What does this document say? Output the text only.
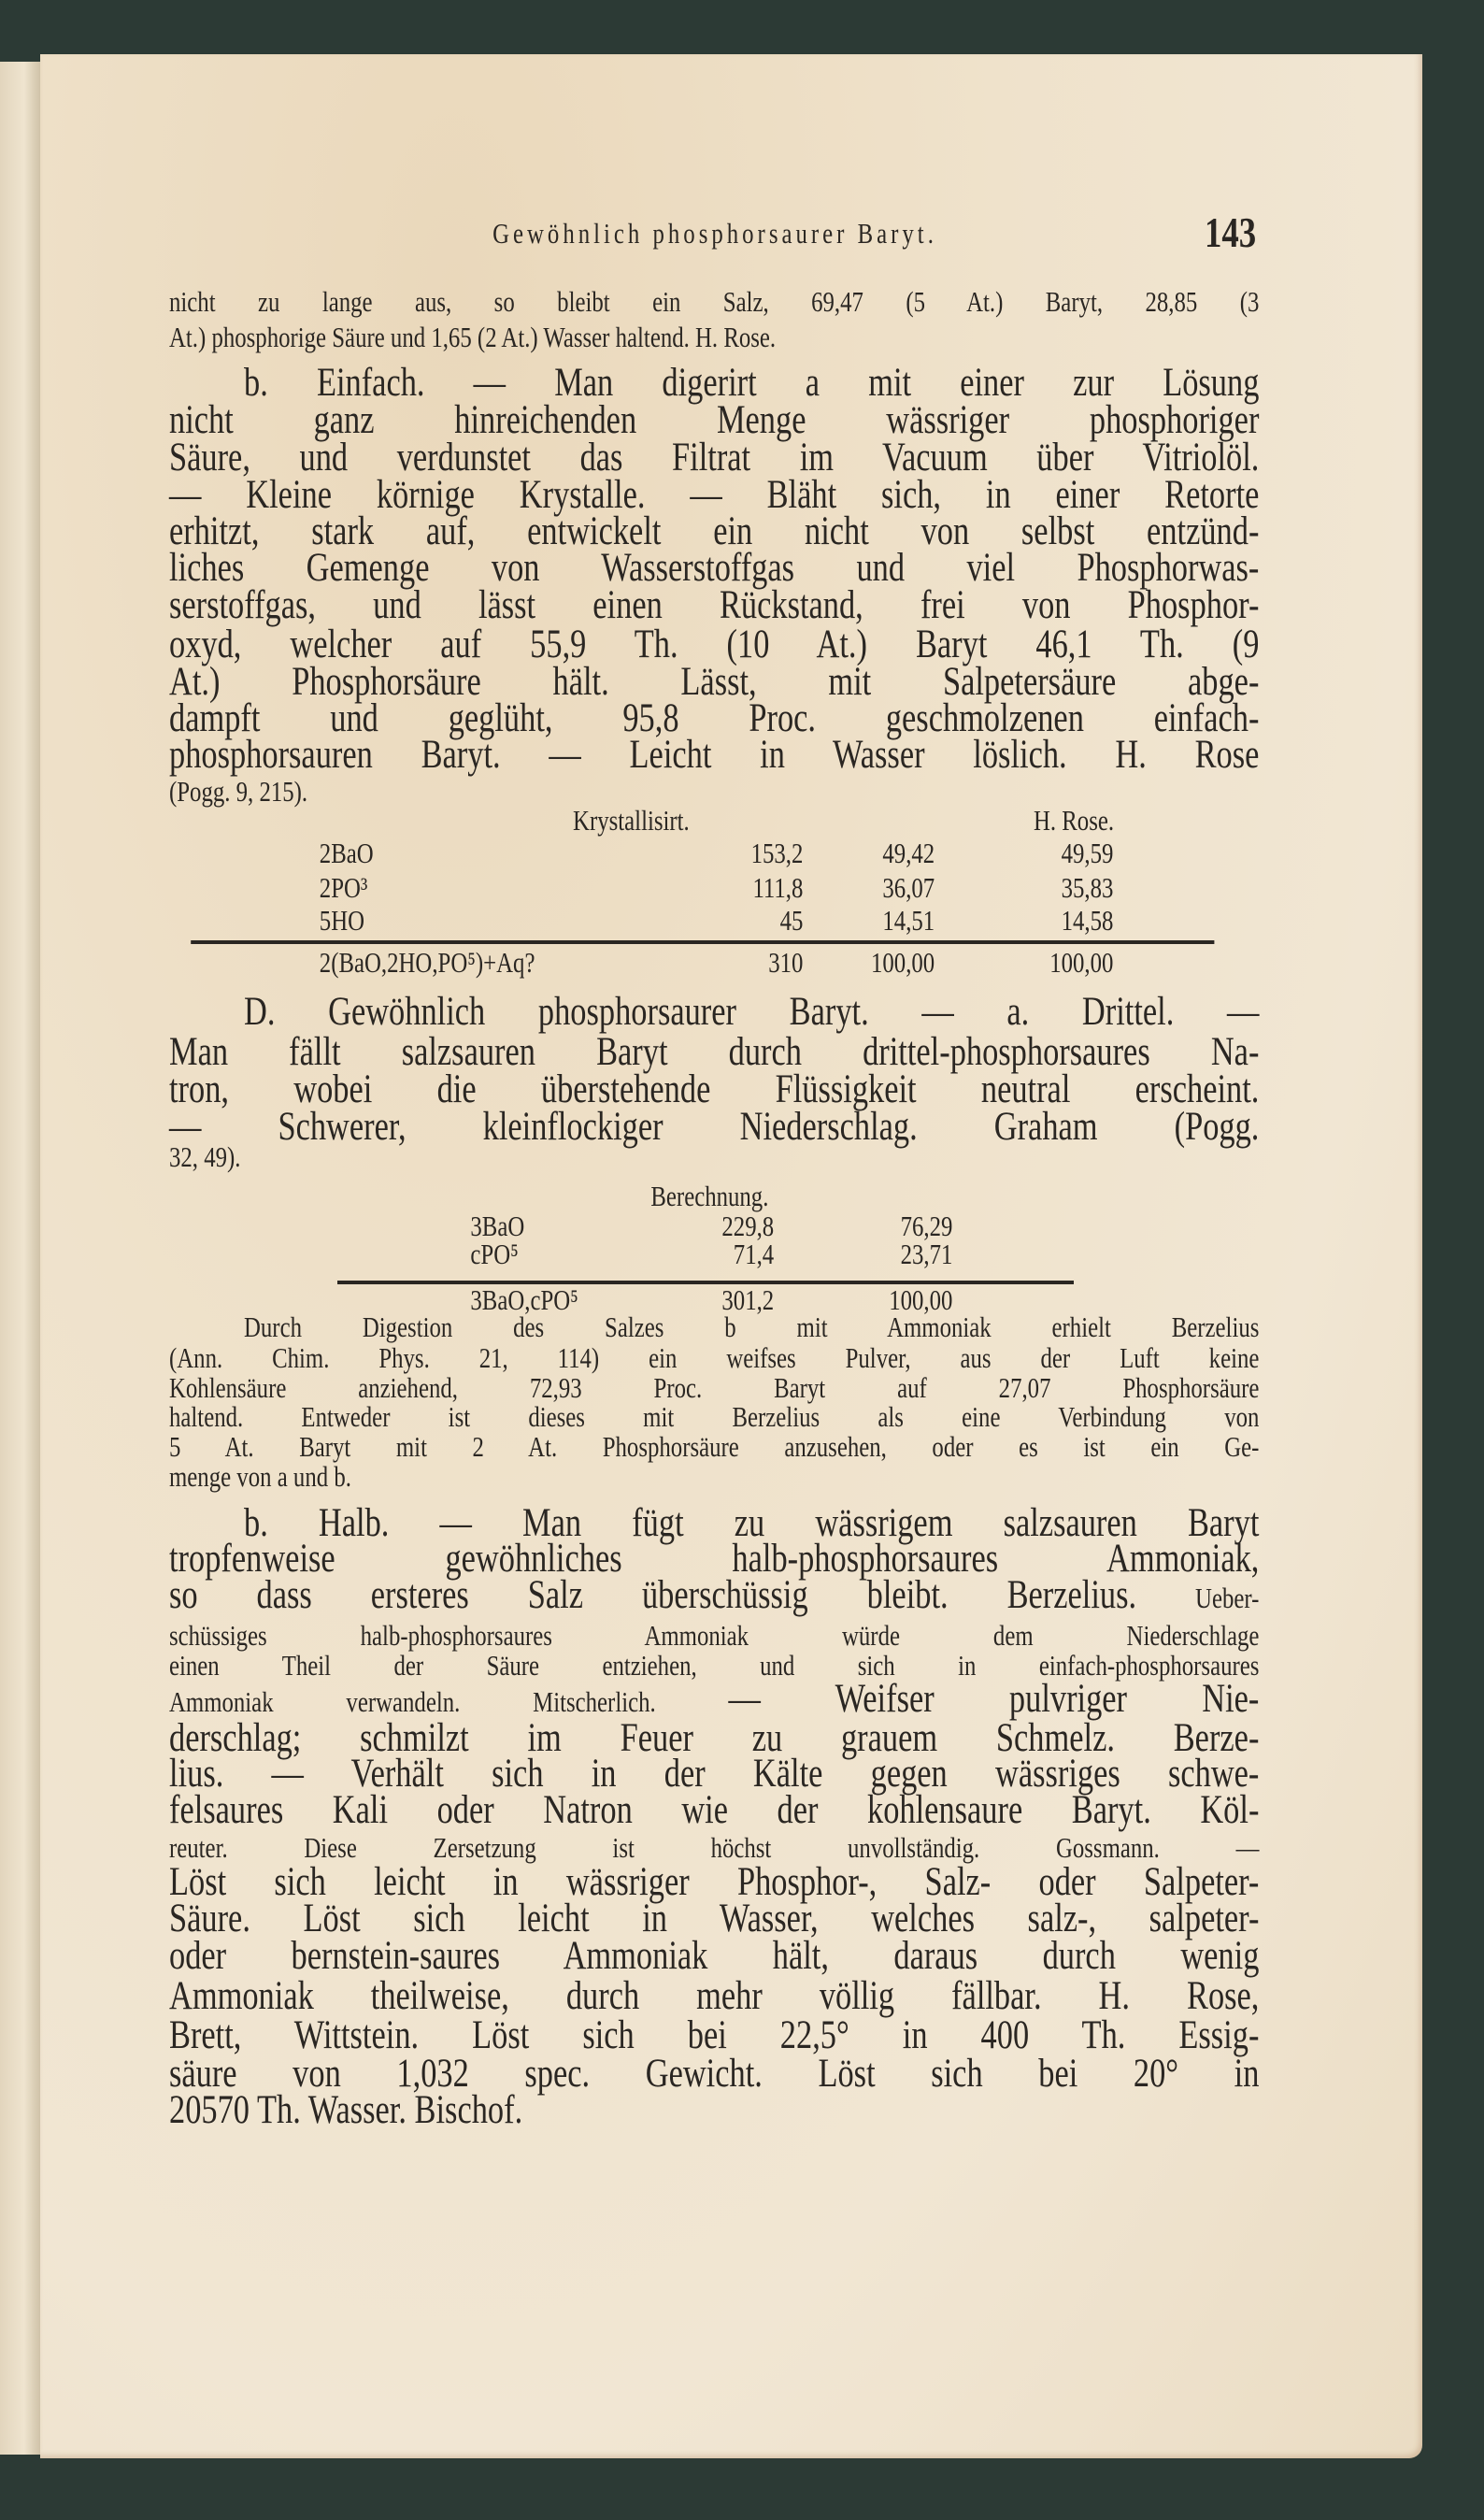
Gewöhnlich phosphorsaurer Baryt.	143
nicht zu lange aus, so bleibt ein Salz, 69,47 (5 At.) Baryt, 28,85 (3
At.) phosphorige Säure und 1,65 (2 At.) Wasser haltend. H. Rose.
b. Einfach. — Man digerirt a mit einer zur Lösung
nicht ganz hinreichenden Menge wässriger phosphoriger
Säure, und verdunstet das Filtrat im Vacuum über Vitriolöl.
— Kleine körnige Krystalle. — Bläht sich, in einer Retorte
erhitzt, stark auf, entwickelt ein nicht von selbst entzünd-
liches Gemenge von Wasserstoffgas und viel Phosphorwas-
serstoffgas, und lässt einen Rückstand, frei von Phosphor-
oxyd, welcher auf 55,9 Th. (10 At.) Baryt 46,1 Th. (9
At.) Phosphorsäure hält. Lässt, mit Salpetersäure abge-
dampft und geglüht, 95,8 Proc. geschmolzenen einfach-
phosphorsauren Baryt. — Leicht in Wasser löslich. H. Rose
(Pogg. 9, 215).
D. Gewöhnlich phosphorsaurer Baryt. — a. Drittel. —
Man fällt salzsauren Baryt durch drittel-phosphorsaures Na-
tron, wobei die überstehende Flüssigkeit neutral erscheint.
— Schwerer, kleinflockiger Niederschlag. Graham (Pogg.
32, 49).
Durch Digestion des Salzes b mit Ammoniak erhielt Berzelius
(Ann. Chim. Phys. 21, 114) ein weifses Pulver, aus der Luft keine
Kohlensäure anziehend, 72,93 Proc. Baryt auf 27,07 Phosphorsäure
haltend. Entweder ist dieses mit Berzelius als eine Verbindung von
5 At. Baryt mit 2 At. Phosphorsäure anzusehen, oder es ist ein Ge-
menge von a und b.
b. Halb. — Man fügt zu wässrigem salzsauren Baryt
tropfenweise gewöhnliches halb-phosphorsaures Ammoniak,
so dass ersteres Salz überschüssig bleibt. Berzelius. Ueber-
schüssiges halb-phosphorsaures Ammoniak würde dem Niederschlage
einen Theil der Säure entziehen, und sich in einfach-phosphorsaures
Ammoniak verwandeln. Mitscherlich. — Weifser pulvriger Nie-
derschlag; schmilzt im Feuer zu grauem Schmelz. Berze-
lius. — Verhält sich in der Kälte gegen wässriges schwe-
felsaures Kali oder Natron wie der kohlensaure Baryt. Köl-
reuter. Diese Zersetzung ist höchst unvollständig. Gossmann. —
Löst sich leicht in wässriger Phosphor-, Salz- oder Salpeter-
Säure. Löst sich leicht in Wasser, welches salz-, salpeter-
oder bernstein-saures Ammoniak hält, daraus durch wenig
Ammoniak theilweise, durch mehr völlig fällbar. H. Rose,
Brett, Wittstein. Löst sich bei 22,5° in 400 Th. Essig-
säure von 1,032 spec. Gewicht. Löst sich bei 20° in
20570 Th. Wasser. Bischof.
Krystallisirt.	H. Rose.
2BaO	153,2	49,42	49,59
2PO³	111,8	36,07	35,83
5HO	45	14,51	14,58
2(BaO,2HO,PO⁵)+Aq?	310 100,00	100,00
Berechnung.
3BaO	229,8	76,29
cPO⁵	71,4	23,71
3BaO,cPO⁵	301,2	100,00
